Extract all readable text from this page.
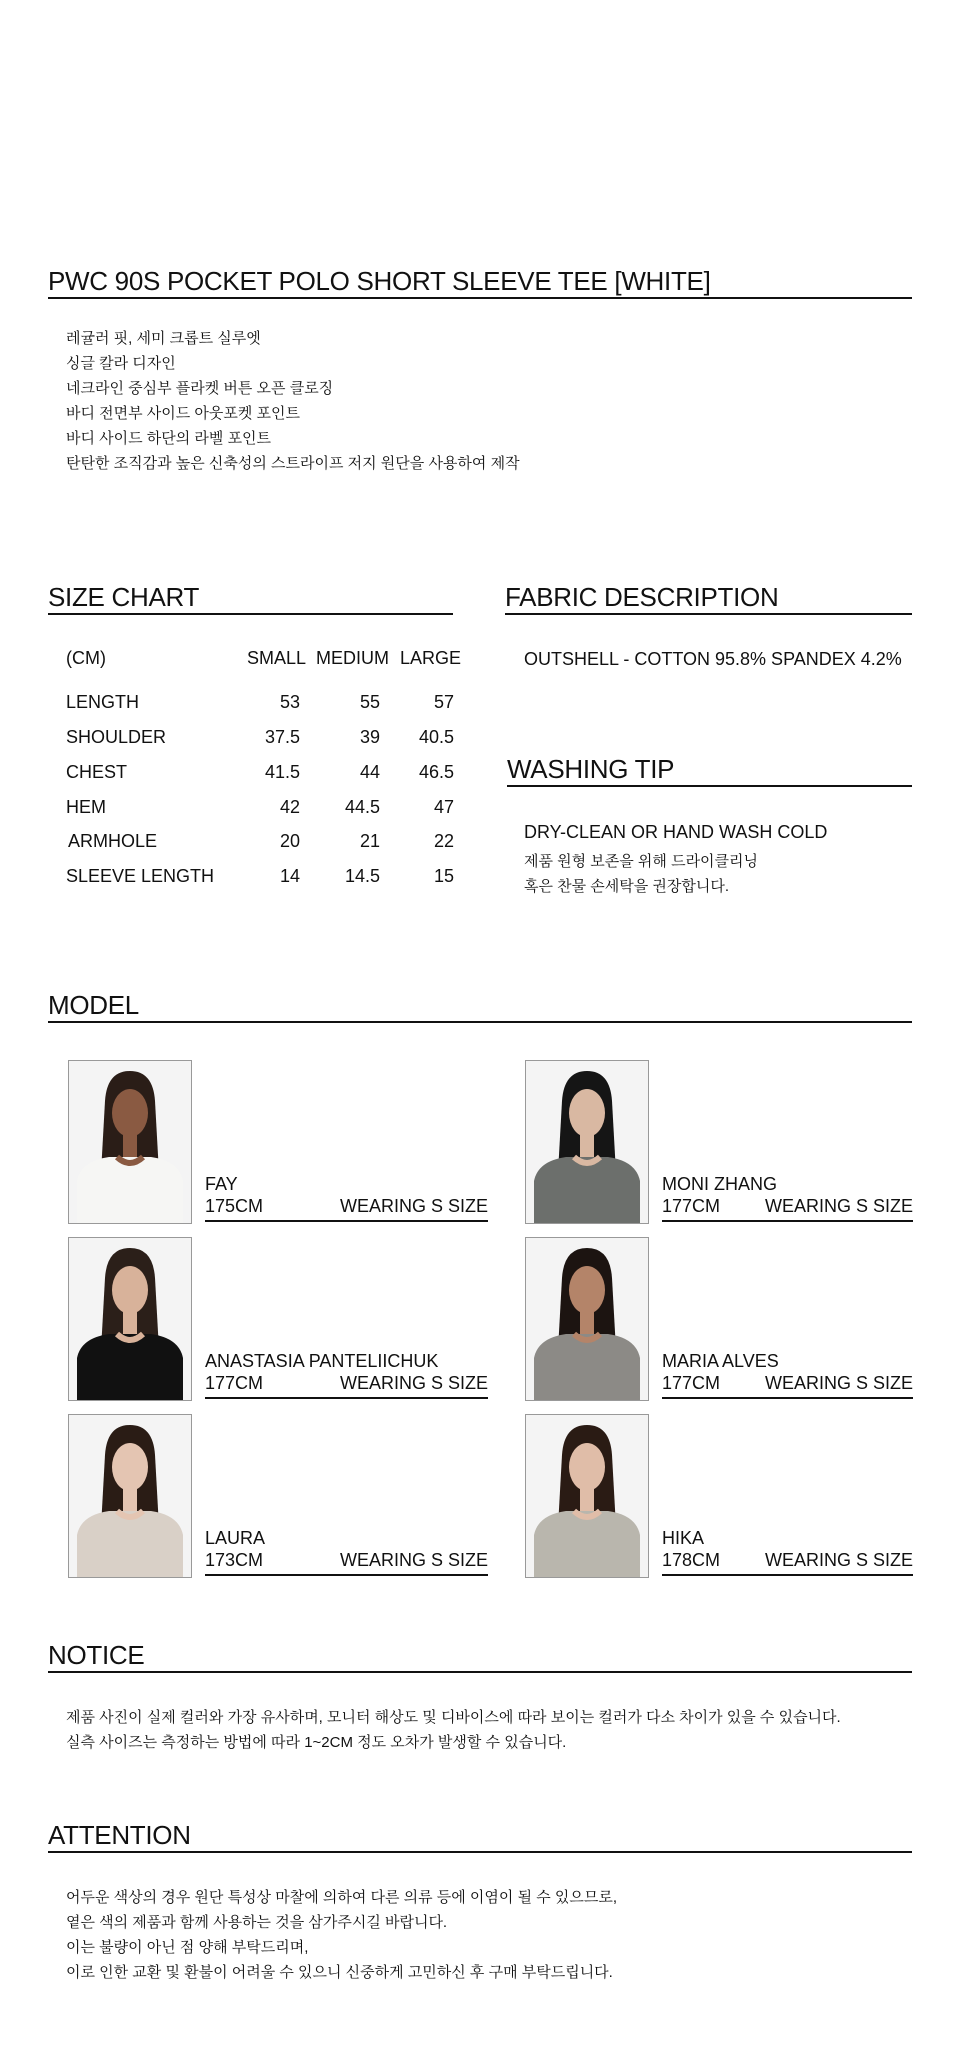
PWC 90S POCKET POLO SHORT SLEEVE TEE [WHITE]
레귤러 핏, 세미 크롭트 실루엣
싱글 칼라 디자인
네크라인 중심부 플라켓 버튼 오픈 클로징
바디 전면부 사이드 아웃포켓 포인트
바디 사이드 하단의 라벨 포인트
탄탄한 조직감과 높은 신축성의 스트라이프 저지 원단을 사용하여 제작
SIZE CHART
(CM)	SMALL MEDIUM LARGE
LENGTH	53	55	57
SHOULDER	37.5	39	40.5
CHEST	41.5	44	46.5
HEM	42	44.5	47
ARMHOLE	20	21	22
SLEEVE LENGTH	14	14.5	15
FABRIC DESCRIPTION
OUTSHELL - COTTON 95.8% SPANDEX 4.2%
WASHING TIP
DRY-CLEAN OR HAND WASH COLD
제품 원형 보존을 위해 드라이클리닝
혹은 찬물 손세탁을 권장합니다.
MODEL
FAY
175CM	WEARING S SIZE
MONI ZHANG
177CM WEARING S SIZE
ANASTASIA PANTELIICHUK
177CM	WEARING S SIZE
MARIA ALVES
177CM WEARING S SIZE
LAURA
173CM	WEARING S SIZE
HIKA
178CM WEARING S SIZE
NOTICE
제품 사진이 실제 컬러와 가장 유사하며, 모니터 해상도 및 디바이스에 따라 보이는 컬러가 다소 차이가 있을 수 있습니다.
실측 사이즈는 측정하는 방법에 따라 1~2CM 정도 오차가 발생할 수 있습니다.
ATTENTION
어두운 색상의 경우 원단 특성상 마찰에 의하여 다른 의류 등에 이염이 될 수 있으므로,
옅은 색의 제품과 함께 사용하는 것을 삼가주시길 바랍니다.
이는 불량이 아닌 점 양해 부탁드리며,
이로 인한 교환 및 환불이 어려울 수 있으니 신중하게 고민하신 후 구매 부탁드립니다.
